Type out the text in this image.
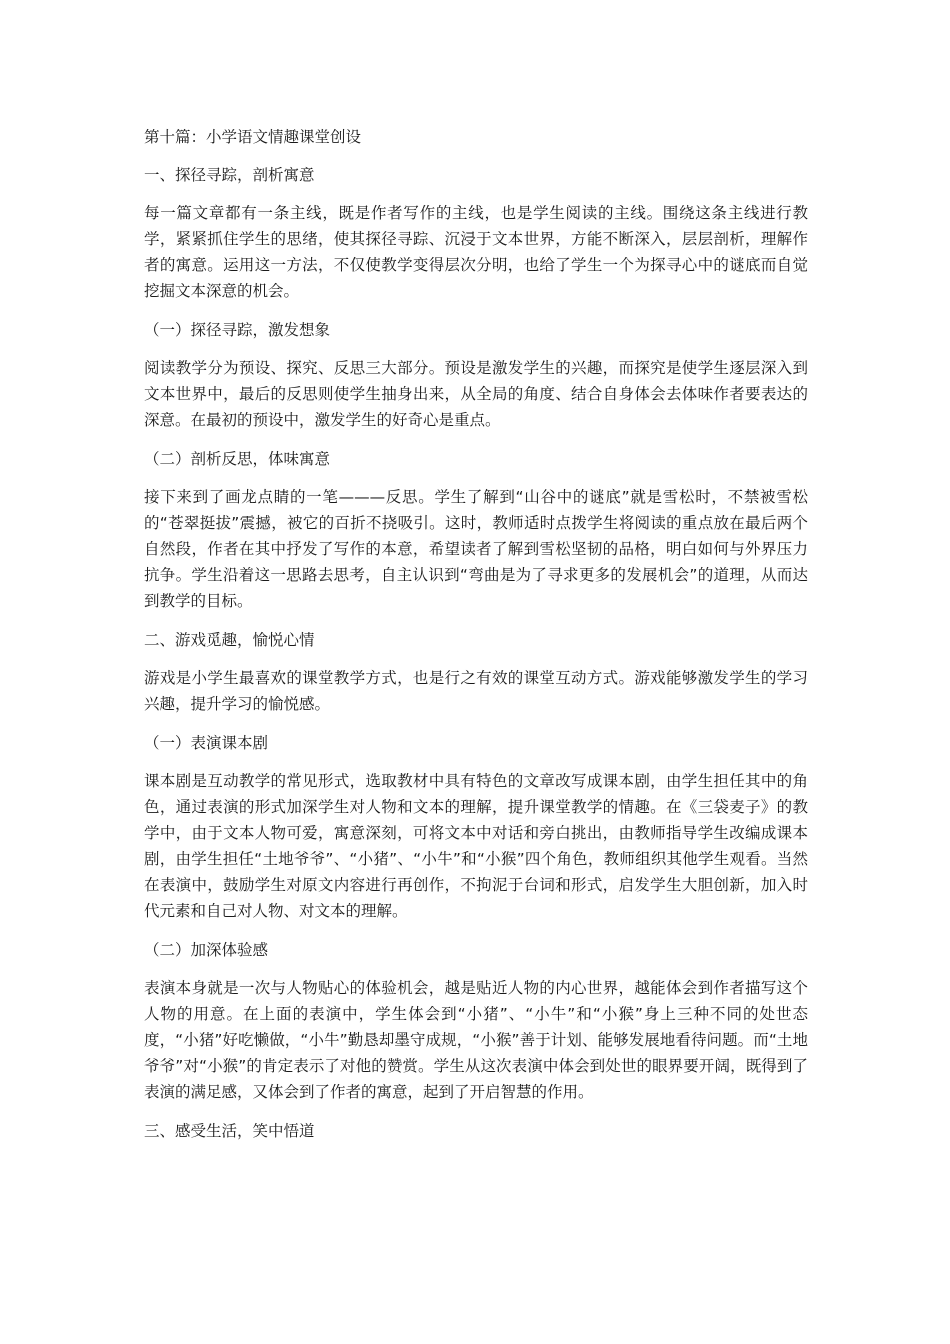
第十篇：小学语文情趣课堂创设

一、探径寻踪，剖析寓意

每一篇文章都有一条主线，既是作者写作的主线，也是学生阅读的主线。围绕这条主线进行教学，紧紧抓住学生的思绪，使其探径寻踪、沉浸于文本世界，方能不断深入，层层剖析，理解作者的寓意。运用这一方法，不仅使教学变得层次分明，也给了学生一个为探寻心中的谜底而自觉挖掘文本深意的机会。

（一）探径寻踪，激发想象

阅读教学分为预设、探究、反思三大部分。预设是激发学生的兴趣，而探究是使学生逐层深入到文本世界中，最后的反思则使学生抽身出来，从全局的角度、结合自身体会去体味作者要表达的深意。在最初的预设中，激发学生的好奇心是重点。

（二）剖析反思，体味寓意

接下来到了画龙点睛的一笔———反思。学生了解到“山谷中的谜底”就是雪松时，不禁被雪松的“苍翠挺拔”震撼，被它的百折不挠吸引。这时，教师适时点拨学生将阅读的重点放在最后两个自然段，作者在其中抒发了写作的本意，希望读者了解到雪松坚韧的品格，明白如何与外界压力抗争。学生沿着这一思路去思考，自主认识到“弯曲是为了寻求更多的发展机会”的道理，从而达到教学的目标。

二、游戏觅趣，愉悦心情

游戏是小学生最喜欢的课堂教学方式，也是行之有效的课堂互动方式。游戏能够激发学生的学习兴趣，提升学习的愉悦感。

（一）表演课本剧

课本剧是互动教学的常见形式，选取教材中具有特色的文章改写成课本剧，由学生担任其中的角色，通过表演的形式加深学生对人物和文本的理解，提升课堂教学的情趣。在《三袋麦子》的教学中，由于文本人物可爱，寓意深刻，可将文本中对话和旁白挑出，由教师指导学生改编成课本剧，由学生担任“土地爷爷”、“小猪”、“小牛”和“小猴”四个角色，教师组织其他学生观看。当然在表演中，鼓励学生对原文内容进行再创作，不拘泥于台词和形式，启发学生大胆创新，加入时代元素和自己对人物、对文本的理解。

（二）加深体验感

表演本身就是一次与人物贴心的体验机会，越是贴近人物的内心世界，越能体会到作者描写这个人物的用意。在上面的表演中，学生体会到“小猪”、“小牛”和“小猴”身上三种不同的处世态度，“小猪”好吃懒做，“小牛”勤恳却墨守成规，“小猴”善于计划、能够发展地看待问题。而“土地爷爷”对“小猴”的肯定表示了对他的赞赏。学生从这次表演中体会到处世的眼界要开阔，既得到了表演的满足感，又体会到了作者的寓意，起到了开启智慧的作用。

三、感受生活，笑中悟道
